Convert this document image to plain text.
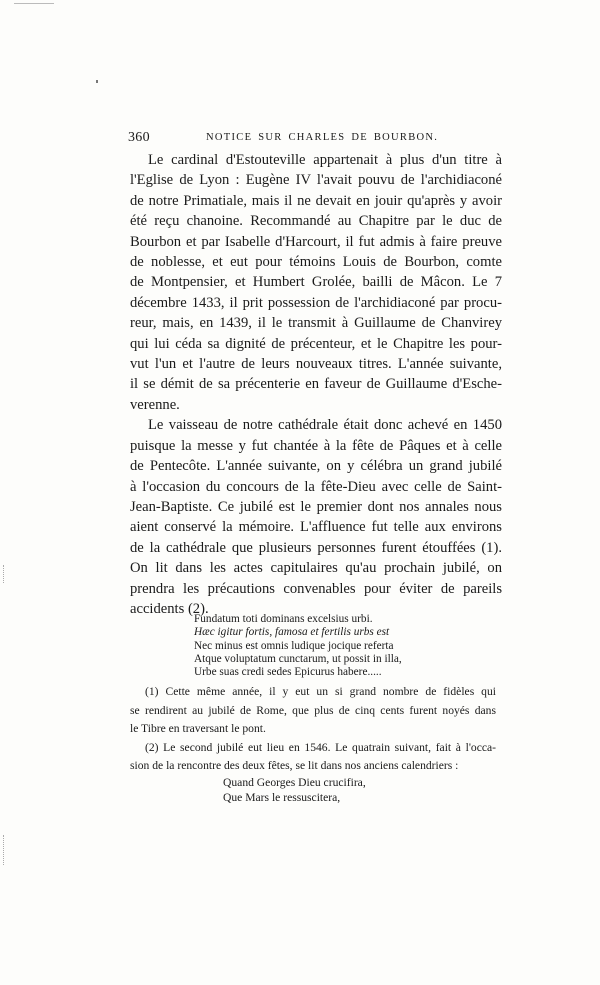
360	NOTICE SUR CHARLES DE BOURBON.

Le cardinal d'Estouteville appartenait à plus d'un titre à

l'Eglise de Lyon : Eugène IV l'avait pouvu de l'archidiaconé

de notre Primatiale, mais il ne devait en jouir qu'après y avoir

été reçu chanoine. Recommandé au Chapitre par le duc de

Bourbon et par Isabelle d'Harcourt, il fut admis à faire preuve

de noblesse, et eut pour témoins Louis de Bourbon, comte

de Montpensier, et Humbert Grolée, bailli de Mâcon. Le 7

décembre 1433, il prit possession de l'archidiaconé par procu-

reur, mais, en 1439, il le transmit à Guillaume de Chanvirey

qui lui céda sa dignité de précenteur, et le Chapitre les pour-

vut l'un et l'autre de leurs nouveaux titres. L'année suivante,

il se démit de sa précenterie en faveur de Guillaume d'Esche-

verenne.

Le vaisseau de notre cathédrale était donc achevé en 1450

puisque la messe y fut chantée à la fête de Pâques et à celle

de Pentecôte. L'année suivante, on y célébra un grand jubilé

à l'occasion du concours de la fête-Dieu avec celle de Saint-

Jean-Baptiste. Ce jubilé est le premier dont nos annales nous

aient conservé la mémoire. L'affluence fut telle aux environs

de la cathédrale que plusieurs personnes furent étouffées (1).

On lit dans les actes capitulaires qu'au prochain jubilé, on

prendra les précautions convenables pour éviter de pareils

accidents (2).

Fundatum toti dominans excelsius urbi.

Hæc igitur fortis, famosa et fertilis urbs est

Nec minus est omnis ludique jocique referta

Atque voluptatum cunctarum, ut possit in illa,

Urbe suas credi sedes Epicurus habere.....

(1) Cette même année, il y eut un si grand nombre de fidèles qui

se rendirent au jubilé de Rome, que plus de cinq cents furent noyés dans

le Tibre en traversant le pont.

(2) Le second jubilé eut lieu en 1546. Le quatrain suivant, fait à l'occa-

sion de la rencontre des deux fêtes, se lit dans nos anciens calendriers :

Quand Georges Dieu crucifira,

Que Mars le ressuscitera,
